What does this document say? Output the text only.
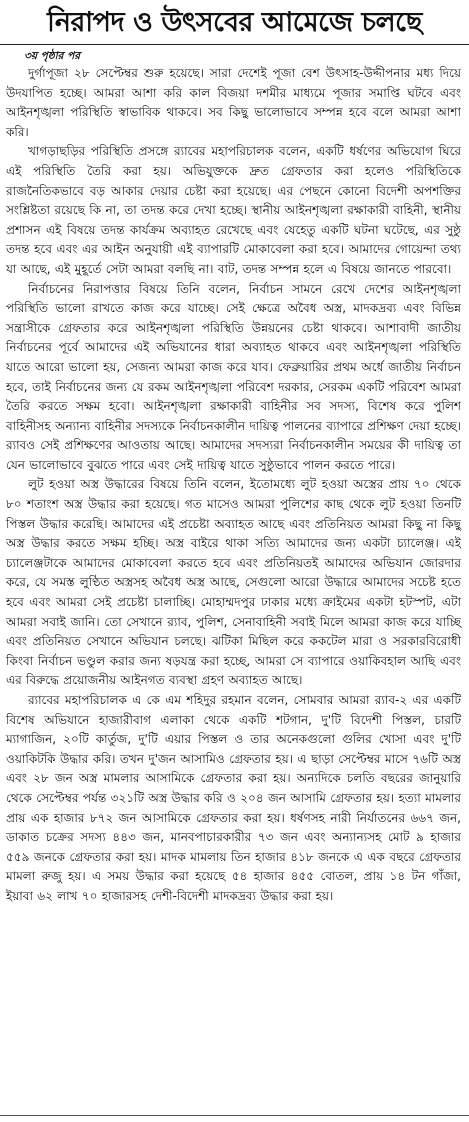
নিরাপদ ও উৎসবের আমেজে চলছে
৩য় পৃষ্ঠার পর

দুর্গাপূজা ২৮ সেপ্টেম্বর শুরু হয়েছে। সারা দেশেই পূজা বেশ উৎসাহ-উদ্দীপনার মধ্য দিয়ে উদযাপিত হচ্ছে। আমরা আশা করি কাল বিজয়া দশমীর মাধ্যমে পূজার সমাপ্তি ঘটবে এবং আইনশৃঙ্খলা পরিস্থিতি স্বাভাবিক থাকবে। সব কিছু ভালোভাবে সম্পন্ন হবে বলে আমরা আশা করি।

খাগড়াছড়ির পরিস্থিতি প্রসঙ্গে র‍্যাবের মহাপরিচালক বলেন, একটি ধর্ষণের অভিযোগ ঘিরে এই পরিস্থিতি তৈরি করা হয়। অভিযুক্তকে দ্রুত গ্রেফতার করা হলেও পরিস্থিতিকে রাজনৈতিকভাবে বড় আকার দেয়ার চেষ্টা করা হয়েছে। এর পেছনে কোনো বিদেশী অপশক্তির সংশ্লিষ্টতা রয়েছে কি না, তা তদন্ত করে দেখা হচ্ছে। স্থানীয় আইনশৃঙ্খলা রক্ষাকারী বাহিনী, স্থানীয় প্রশাসন এই বিষয়ে তদন্ত কার্যক্রম অব্যাহত রেখেছে এবং যেহেতু একটি ঘটনা ঘটেছে, এর সুষ্ঠু তদন্ত হবে এবং এর আইন অনুযায়ী এই ব্যাপারটি মোকাবেলা করা হবে। আমাদের গোয়েন্দা তথ্য যা আছে, এই মুহূর্তে সেটা আমরা বলছি না। বাট, তদন্ত সম্পন্ন হলে এ বিষয়ে জানতে পারবো।

নির্বাচনের নিরাপত্তার বিষয়ে তিনি বলেন, নির্বাচন সামনে রেখে দেশের আইনশৃঙ্খলা পরিস্থিতি ভালো রাখতে কাজ করে যাচ্ছে। সেই ক্ষেত্রে অবৈধ অস্ত্র, মাদকদ্রব্য এবং বিভিন্ন সন্ত্রাসীকে গ্রেফতার করে আইনশৃঙ্খলা পরিস্থিতি উন্নয়নের চেষ্টা থাকবে। আশাবাদী জাতীয় নির্বাচনের পূর্বে আমাদের এই অভিযানের ধারা অব্যাহত থাকবে এবং আইনশৃঙ্খলা পরিস্থিতি যাতে আরো ভালো হয়, সেজন্য আমরা কাজ করে যাব। ফেব্রুয়ারির প্রথম অর্ধে জাতীয় নির্বাচন হবে, তাই নির্বাচনের জন্য যে রকম আইনশৃঙ্খলা পরিবেশ দরকার, সেরকম একটি পরিবেশ আমরা তৈরি করতে সক্ষম হবো। আইনশৃঙ্খলা রক্ষাকারী বাহিনীর সব সদস্য, বিশেষ করে পুলিশ বাহিনীসহ অন্যান্য বাহিনীর সদস্যকে নির্বাচনকালীন দায়িত্ব পালনের ব্যাপারে প্রশিক্ষণ দেয়া হচ্ছে। র‍্যাবও সেই প্রশিক্ষণের আওতায় আছে। আমাদের সদস্যরা নির্বাচনকালীন সময়ের কী দায়িত্ব তা যেন ভালোভাবে বুঝতে পারে এবং সেই দায়িত্ব যাতে সুষ্ঠুভাবে পালন করতে পারে।

লুট হওয়া অস্ত্র উদ্ধারের বিষয়ে তিনি বলেন, ইতোমধ্যে লুট হওয়া অস্ত্রের প্রায় ৭০ থেকে ৮০ শতাংশ অস্ত্র উদ্ধার করা হয়েছে। গত মাসেও আমরা পুলিশের কাছ থেকে লুট হওয়া তিনটি পিস্তল উদ্ধার করেছি। আমাদের এই প্রচেষ্টা অব্যাহত আছে এবং প্রতিনিয়ত আমরা কিছু না কিছু অস্ত্র উদ্ধার করতে সক্ষম হচ্ছি। অস্ত্র বাইরে থাকা সত্যি আমাদের জন্য একটা চ্যালেঞ্জ। এই চ্যালেঞ্জটাকে আমাদের মোকাবেলা করতে হবে এবং প্রতিনিয়তই আমাদের অভিযান জোরদার করে, যে সমস্ত লুণ্ঠিত অস্ত্রসহ অবৈধ অস্ত্র আছে, সেগুলো আরো উদ্ধারে আমাদের সচেষ্ট হতে হবে এবং আমরা সেই প্রচেষ্টা চালাচ্ছি। মোহাম্মদপুর ঢাকার মধ্যে ক্রাইমের একটা হটস্পট, এটা আমরা সবাই জানি। তো সেখানে র‍্যাব, পুলিশ, সেনাবাহিনী সবাই মিলে আমরা কাজ করে যাচ্ছি এবং প্রতিনিয়ত সেখানে অভিযান চলছে। ঝটিকা মিছিল করে ককটেল মারা ও সরকারবিরোধী কিংবা নির্বাচন ভণ্ডুল করার জন্য ষড়যন্ত্র করা হচ্ছে, আমরা সে ব্যাপারে ওয়াকিবহাল আছি এবং এর বিরুদ্ধে প্রয়োজনীয় আইনগত ব্যবস্থা গ্রহণ অব্যাহত আছে।

র‍্যাবের মহাপরিচালক এ কে এম শহিদুর রহমান বলেন, সোমবার আমরা র‍্যাব-২ এর একটি বিশেষ অভিযানে হাজারীবাগ এলাকা থেকে একটি শটগান, দু'টি বিদেশী পিস্তল, চারটি ম্যাগাজিন, ২০টি কার্তুজ, দু'টি এয়ার পিস্তল ও তার অনেকগুলো গুলির খোসা এবং দু'টি ওয়াকিটকি উদ্ধার করি। তখন দু'জন আসামিও গ্রেফতার হয়। এ ছাড়া সেপ্টেম্বর মাসে ৭৬টি অস্ত্র এবং ২৮ জন অস্ত্র মামলার আসামিকে গ্রেফতার করা হয়। অন্যদিকে চলতি বছরের জানুয়ারি থেকে সেপ্টেম্বর পর্যন্ত ৩২১টি অস্ত্র উদ্ধার করি ও ২০৪ জন আসামি গ্রেফতার হয়। হত্যা মামলার প্রায় এক হাজার ৮৭২ জন আসামিকে গ্রেফতার করা হয়। ধর্ষণসহ নারী নির্যাতনের ৬৬৭ জন, ডাকাত চক্রের সদস্য ৪৪৩ জন, মানবপাচারকারীর ৭৩ জন এবং অন্যান্যসহ মোট ৯ হাজার ৫৫৯ জনকে গ্রেফতার করা হয়। মাদক মামলায় তিন হাজার ৪১৮ জনকে এ এক বছরে গ্রেফতার মামলা রুজু হয়। এ সময় উদ্ধার করা হয়েছে ৫৪ হাজার ৪৫৫ বোতল, প্রায় ১৪ টন গাঁজা, ইয়াবা ৬২ লাখ ৭০ হাজারসহ দেশী-বিদেশী মাদকদ্রব্য উদ্ধার করা হয়।
